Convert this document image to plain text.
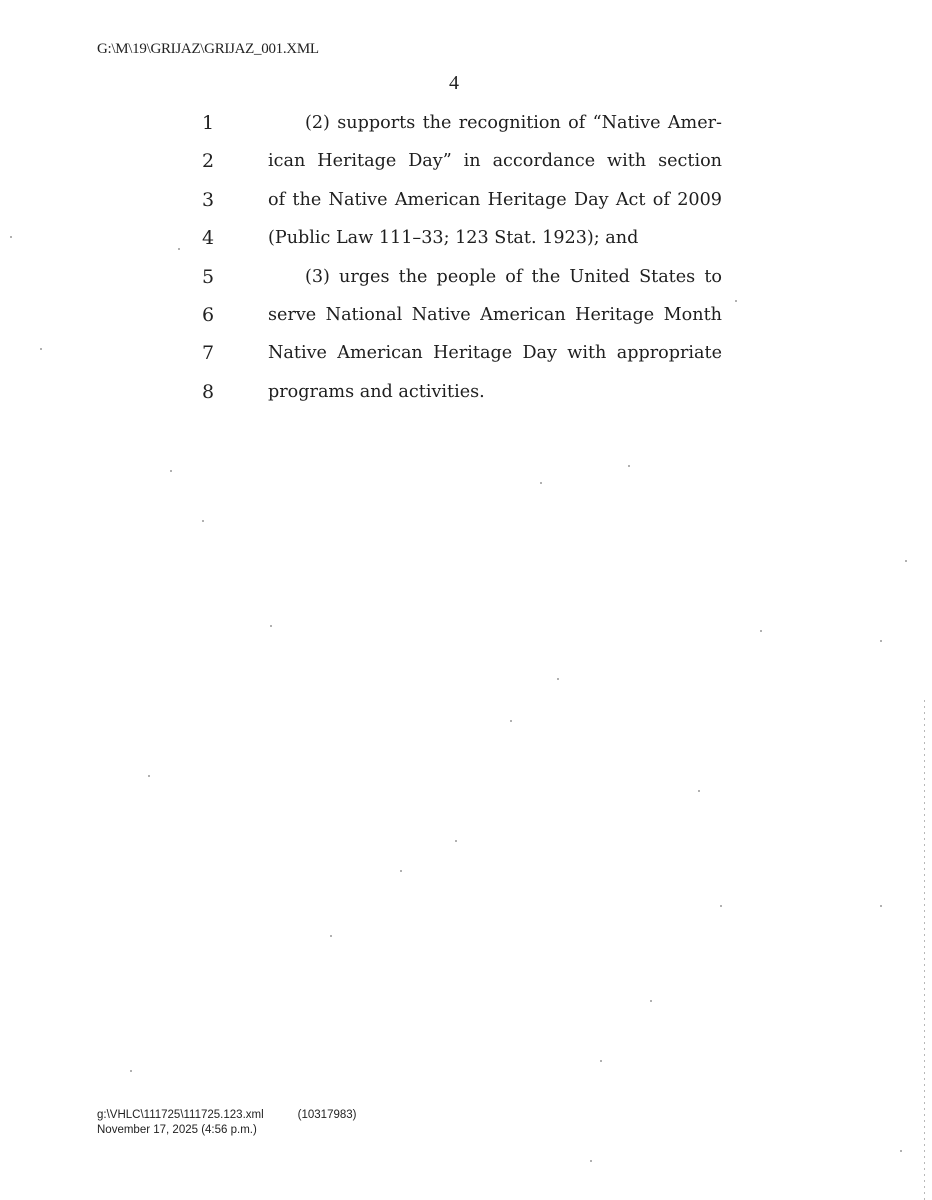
G:\M\19\GRIJAZ\GRIJAZ_001.XML
4
1	(2) supports the recognition of “Native Amer-
2	ican Heritage Day” in accordance with section
3	of the Native American Heritage Day Act of 2009
4	(Public Law 111–33; 123 Stat. 1923); and
5	(3) urges the people of the United States to
6	serve National Native American Heritage Month
7	Native American Heritage Day with appropriate
8	programs and activities.
g:\VHLC\111725\111725.123.xml	(10317983)
November 17, 2025 (4:56 p.m.)
